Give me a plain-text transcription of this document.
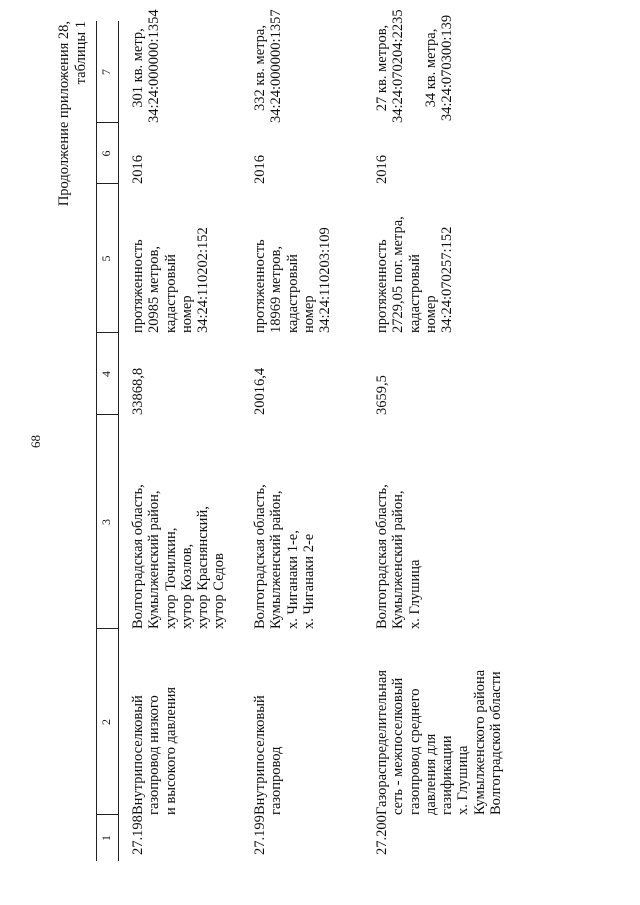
68
Продолжение приложения 28, таблицы 1
1
2
3
4
5
6
7
27.198
Внутрипоселковый
газопровод низкого
и высокого давления
Волгоградская область,
Кумылженский район,
хутор Точилкин,
хутор Козлов,
хутор Краснянский,
хутор Седов
33868,8
протяженность
20985 метров,
кадастровый
номер
34:24:110202:152
2016
301 кв. метр,
34:24:000000:1354
27.199
Внутрипоселковый
газопровод
Волгоградская область,
Кумылженский район,
х. Чиганаки 1-е,
х. Чиганаки 2-е
20016,4
протяженность
18969 метров,
кадастровый
номер
34:24:110203:109
2016
332 кв. метра,
34:24:000000:1357
27.200
Газораспределительная
сеть - межпоселковый
газопровод среднего
давления для
газификации
х. Глушица
Кумылженского района
Волгоградской области
Волгоградская область,
Кумылженский район,
х. Глушица
3659,5
протяженность
2729,05 пог. метра,
кадастровый
номер
34:24:070257:152
2016
27 кв. метров,
34:24:070204:2235

34 кв. метра,
34:24:070300:139
